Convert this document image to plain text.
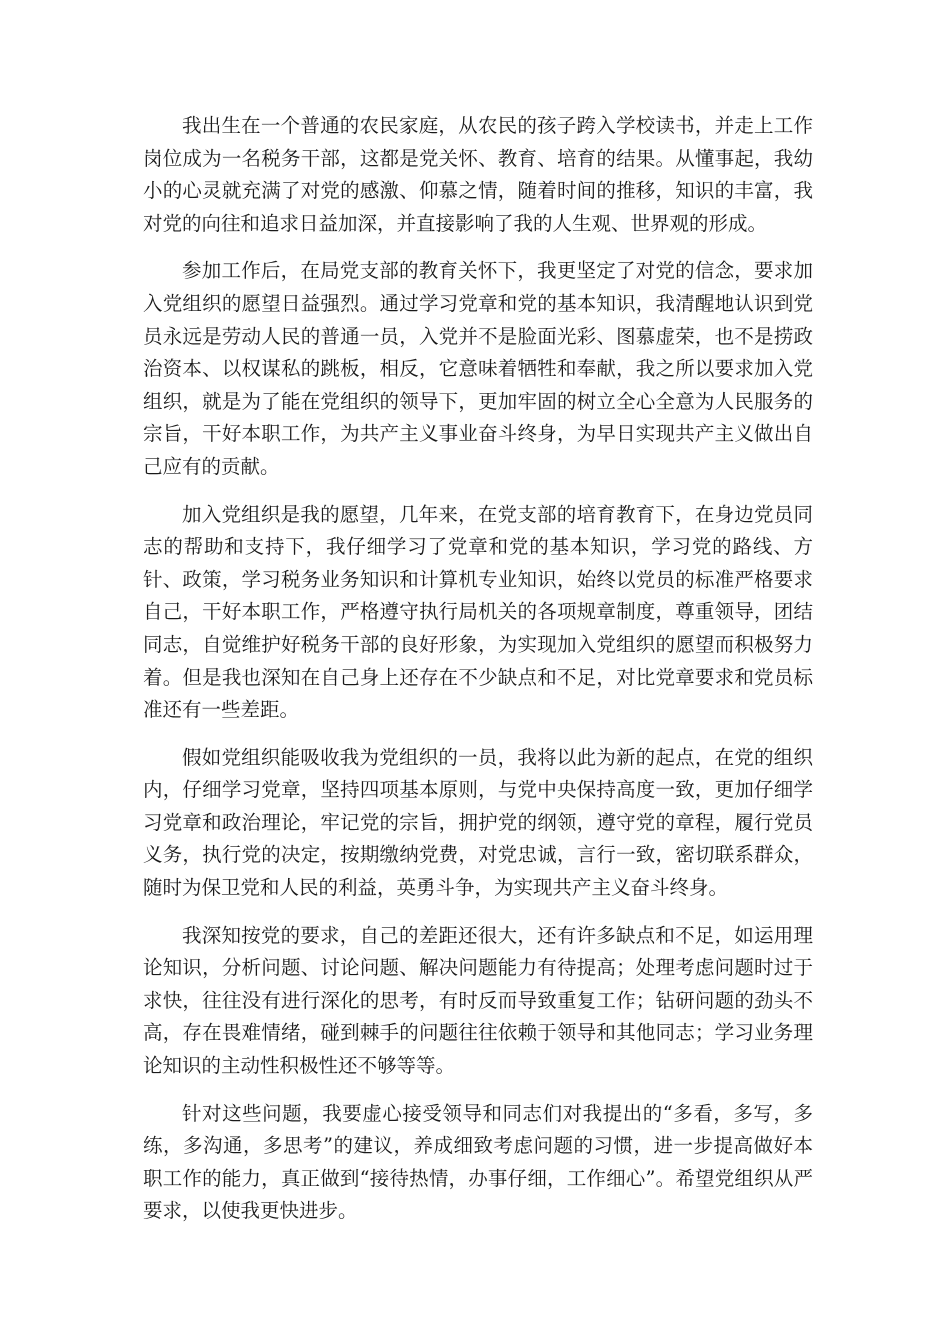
我出生在一个普通的农民家庭，从农民的孩子跨入学校读书，并走上工作岗位成为一名税务干部，这都是党关怀、教育、培育的结果。从懂事起，我幼小的心灵就充满了对党的感激、仰慕之情，随着时间的推移，知识的丰富，我对党的向往和追求日益加深，并直接影响了我的人生观、世界观的形成。

参加工作后，在局党支部的教育关怀下，我更坚定了对党的信念，要求加入党组织的愿望日益强烈。通过学习党章和党的基本知识，我清醒地认识到党员永远是劳动人民的普通一员，入党并不是脸面光彩、图慕虚荣，也不是捞政治资本、以权谋私的跳板，相反，它意味着牺牲和奉献，我之所以要求加入党组织，就是为了能在党组织的领导下，更加牢固的树立全心全意为人民服务的宗旨，干好本职工作，为共产主义事业奋斗终身，为早日实现共产主义做出自己应有的贡献。

加入党组织是我的愿望，几年来，在党支部的培育教育下，在身边党员同志的帮助和支持下，我仔细学习了党章和党的基本知识，学习党的路线、方针、政策，学习税务业务知识和计算机专业知识，始终以党员的标准严格要求自己，干好本职工作，严格遵守执行局机关的各项规章制度，尊重领导，团结同志，自觉维护好税务干部的良好形象，为实现加入党组织的愿望而积极努力着。但是我也深知在自己身上还存在不少缺点和不足，对比党章要求和党员标准还有一些差距。

假如党组织能吸收我为党组织的一员，我将以此为新的起点，在党的组织内，仔细学习党章，坚持四项基本原则，与党中央保持高度一致，更加仔细学习党章和政治理论，牢记党的宗旨，拥护党的纲领，遵守党的章程，履行党员义务，执行党的决定，按期缴纳党费，对党忠诚，言行一致，密切联系群众，随时为保卫党和人民的利益，英勇斗争，为实现共产主义奋斗终身。

我深知按党的要求，自己的差距还很大，还有许多缺点和不足，如运用理论知识，分析问题、讨论问题、解决问题能力有待提高；处理考虑问题时过于求快，往往没有进行深化的思考，有时反而导致重复工作；钻研问题的劲头不高，存在畏难情绪，碰到棘手的问题往往依赖于领导和其他同志；学习业务理论知识的主动性积极性还不够等等。

针对这些问题，我要虚心接受领导和同志们对我提出的“多看，多写，多练，多沟通，多思考”的建议，养成细致考虑问题的习惯，进一步提高做好本职工作的能力，真正做到“接待热情，办事仔细，工作细心”。希望党组织从严要求，以使我更快进步。
